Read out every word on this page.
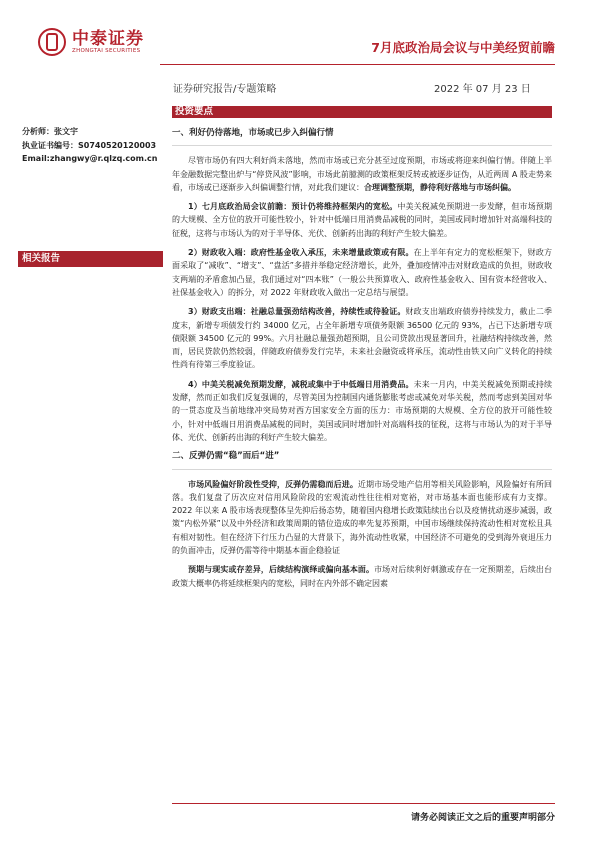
中泰证券
ZHONGTAI SECURITIES	7月底政治局会议与中美经贸前瞻
证券研究报告/专题策略	2022 年 07 月 23 日
投资要点
分析师：张文宇
执业证书编号：S0740520120003
Email:zhangwy@r.qlzq.com.cn
相关报告
一、利好仍待落地，市场或已步入纠偏行情

尽管市场仍有四大利好尚未落地，然而市场或已充分甚至过度预期，市场或将迎来纠偏行情。伴随上半年金融数据完整出炉与“停贷风波”影响，市场此前臆测的政策框架反转或被逐步证伪，从近两周 A 股走势来看，市场或已逐渐步入纠偏调整行情，对此我们建议：合理调整预期，静待利好落地与市场纠偏。

1）七月底政治局会议前瞻：预计仍将维持框架内的宽松。中美关税减免预期进一步发酵，但市场预期的大规模、全方位的放开可能性较小，针对中低端日用消费品减税的同时，美国或同时增加针对高端科技的征税，这将与市场认为的对于半导体、光伏、创新药出海的利好产生较大偏差。

2）财政收入端：政府性基金收入承压，未来增量政策或有限。在上半年有定力的宽松框架下，财政方面采取了“减收”、“增支”、“盘活”多措并举稳定经济增长，此外，叠加疫情冲击对财政造成的负担，财政收支两端的矛盾愈加凸显，我们通过对“四本账”（一般公共预算收入、政府性基金收入、国有资本经营收入、社保基金收入）的拆分，对 2022 年财政收入做出一定总结与展望。

3）财政支出端：社融总量强劲结构改善，持续性或待验证。财政支出端政府债券持续发力，截止二季度末，新增专项债发行约 34000 亿元，占全年新增专项债务限额 36500 亿元的 93%，占已下达新增专项债限额 34500 亿元的 99%。六月社融总量强劲超预期，且公司贷款出现显著回升，社融结构持续改善，然而，居民贷款仍然较弱，伴随政府债券发行完毕，未来社会融资或将承压，流动性由铁又向广义转化的持续性尚有待第三季度验证。

4）中美关税减免预期发酵，减税或集中于中低端日用消费品。未来一月内，中美关税减免预期或持续发酵，然而正如我们反复强调的，尽管美国为控制国内通货膨胀考虑或减免对华关税，然而考虑到美国对华的一贯态度及当前地缘冲突局势对西方国家安全方面的压力：市场预期的大规模、全方位的放开可能性较小，针对中低端日用消费品减税的同时，美国或同时增加针对高端科技的征税，这将与市场认为的对于半导体、光伏、创新药出海的利好产生较大偏差。

二、反弹仍需“稳”而后“进”

市场风险偏好阶段性受抑，反弹仍需稳而后进。近期市场受地产信用等相关风险影响，风险偏好有所回落。我们复盘了历次应对信用风险阶段的宏观流动性往往相对宽裕，对市场基本面也能形成有力支撑。2022 年以来 A 股市场表现整体呈先抑后扬态势，随着国内稳增长政策陆续出台以及疫情扰动逐步减弱，政策“内松外紧”以及中外经济和政策周期的错位造成的率先复苏预期，中国市场继续保持流动性相对宽松且具有相对韧性。但在经济下行压力凸显的大背景下，海外流动性收紧，中国经济不可避免的受到海外衰退压力的负面冲击，反弹仍需等待中期基本面企稳验证

预期与现实或存差异，后续结构演绎或偏向基本面。市场对后续利好刺激或存在一定预期差，后续出台政策大概率仍将延续框架内的宽松，同时在内外部不确定因素

请务必阅读正文之后的重要声明部分
